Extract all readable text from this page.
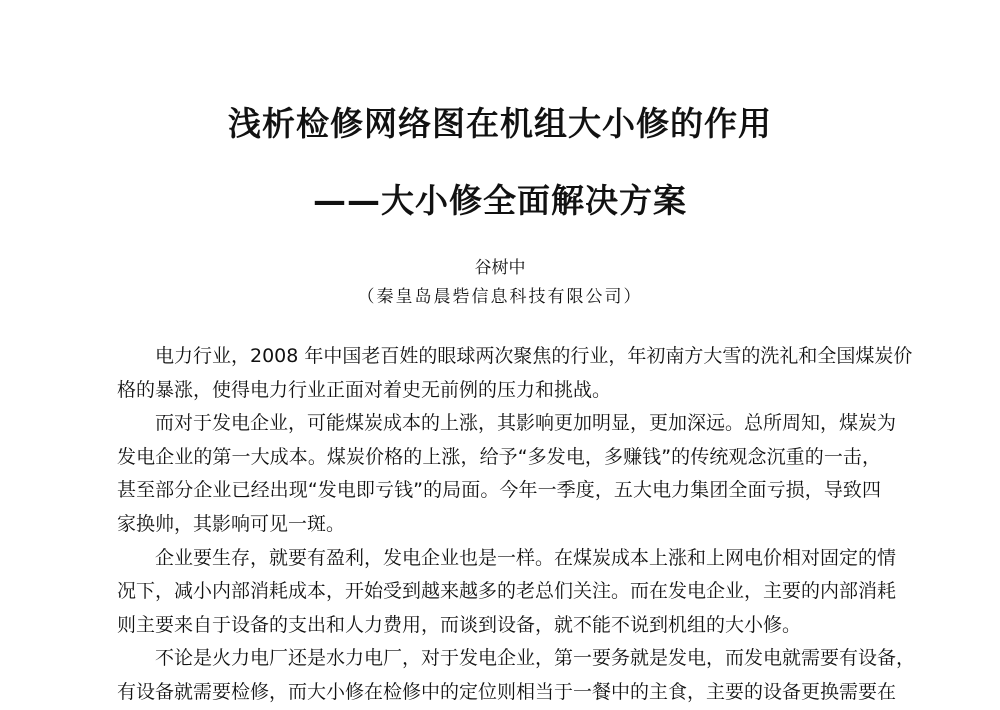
浅析检修网络图在机组大小修的作用
——大小修全面解决方案
谷树中
（秦皇岛晨砦信息科技有限公司）
电力行业，2008 年中国老百姓的眼球两次聚焦的行业，年初南方大雪的洗礼和全国煤炭价
格的暴涨，使得电力行业正面对着史无前例的压力和挑战。
而对于发电企业，可能煤炭成本的上涨，其影响更加明显，更加深远。总所周知，煤炭为
发电企业的第一大成本。煤炭价格的上涨，给予“多发电，多赚钱”的传统观念沉重的一击，
甚至部分企业已经出现“发电即亏钱”的局面。今年一季度，五大电力集团全面亏损，导致四
家换帅，其影响可见一斑。
企业要生存，就要有盈利，发电企业也是一样。在煤炭成本上涨和上网电价相对固定的情
况下，减小内部消耗成本，开始受到越来越多的老总们关注。而在发电企业，主要的内部消耗
则主要来自于设备的支出和人力费用，而谈到设备，就不能不说到机组的大小修。
不论是火力电厂还是水力电厂，对于发电企业，第一要务就是发电，而发电就需要有设备，
有设备就需要检修，而大小修在检修中的定位则相当于一餐中的主食，主要的设备更换需要在
